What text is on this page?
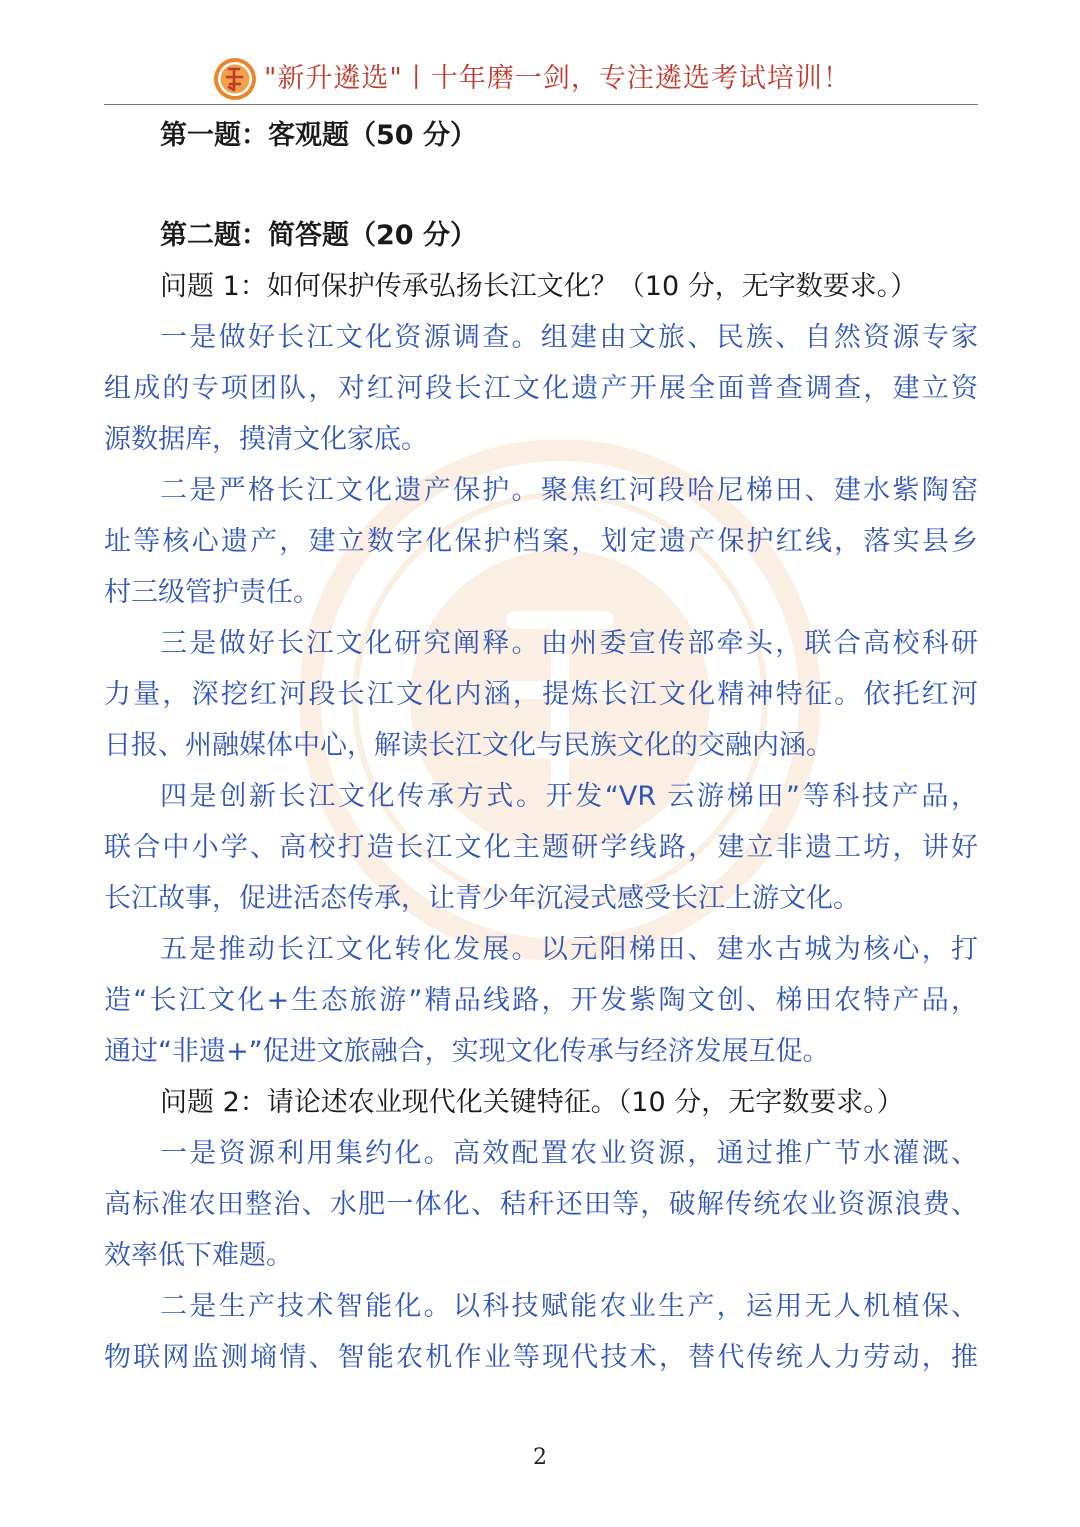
"新升遴选"丨十年磨一剑，专注遴选考试培训！
第一题：客观题（50 分）
第二题：简答题（20 分）
问题 1：如何保护传承弘扬长江文化？（10 分，无字数要求。）
一是做好长江文化资源调查。组建由文旅、民族、自然资源专家
组成的专项团队，对红河段长江文化遗产开展全面普查调查，建立资
源数据库，摸清文化家底。
二是严格长江文化遗产保护。聚焦红河段哈尼梯田、建水紫陶窑
址等核心遗产，建立数字化保护档案，划定遗产保护红线，落实县乡
村三级管护责任。
三是做好长江文化研究阐释。由州委宣传部牵头，联合高校科研
力量，深挖红河段长江文化内涵，提炼长江文化精神特征。依托红河
日报、州融媒体中心，解读长江文化与民族文化的交融内涵。
四是创新长江文化传承方式。开发“VR 云游梯田”等科技产品，
联合中小学、高校打造长江文化主题研学线路，建立非遗工坊，讲好
长江故事，促进活态传承，让青少年沉浸式感受长江上游文化。
五是推动长江文化转化发展。以元阳梯田、建水古城为核心，打
造“长江文化+生态旅游”精品线路，开发紫陶文创、梯田农特产品，
通过“非遗+”促进文旅融合，实现文化传承与经济发展互促。
问题 2：请论述农业现代化关键特征。（10 分，无字数要求。）
一是资源利用集约化。高效配置农业资源，通过推广节水灌溉、
高标准农田整治、水肥一体化、秸秆还田等，破解传统农业资源浪费、
效率低下难题。
二是生产技术智能化。以科技赋能农业生产，运用无人机植保、
物联网监测墒情、智能农机作业等现代技术，替代传统人力劳动，推
2
